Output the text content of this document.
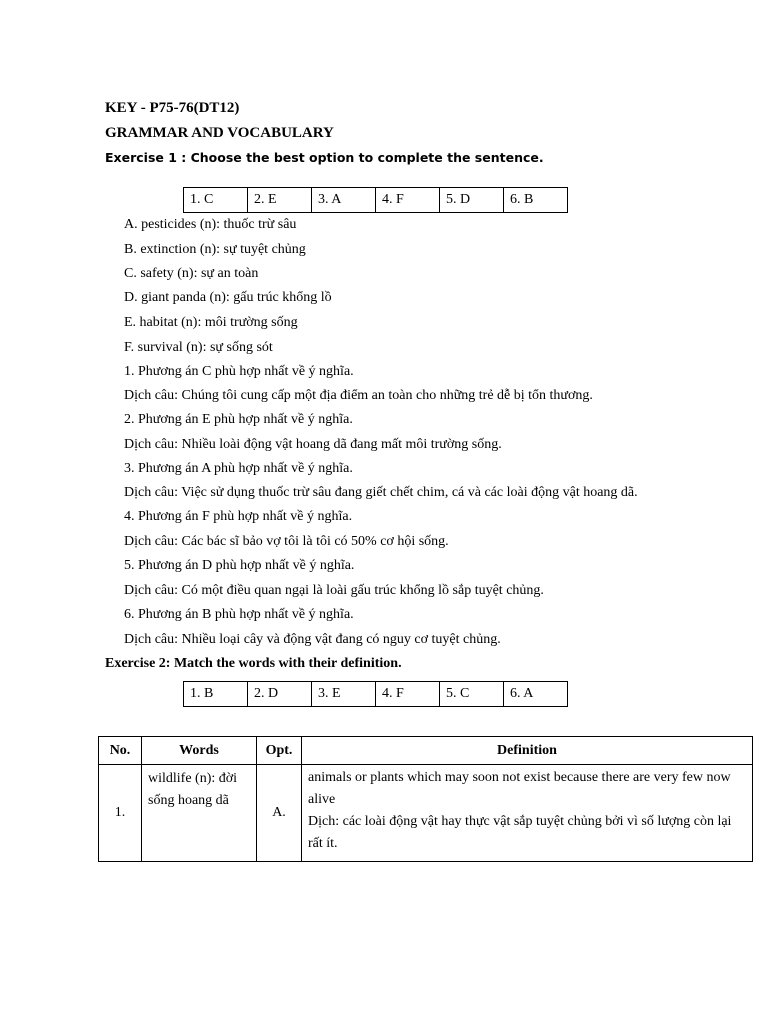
KEY - P75-76(DT12)
GRAMMAR AND VOCABULARY
Exercise 1 : Choose the best option to complete the sentence.
1. C	2. E	3. A	4. F	5. D	6. B
A. pesticides (n): thuốc trừ sâu
B. extinction (n): sự tuyệt chủng
C. safety (n): sự an toàn
D. giant panda (n): gấu trúc khổng lồ
E. habitat (n): môi trường sống
F. survival (n): sự sống sót
1. Phương án C phù hợp nhất về ý nghĩa.
Dịch câu: Chúng tôi cung cấp một địa điểm an toàn cho những trẻ dễ bị tổn thương.
2. Phương án E phù hợp nhất về ý nghĩa.
Dịch câu: Nhiều loài động vật hoang dã đang mất môi trường sống.
3. Phương án A phù hợp nhất về ý nghĩa.
Dịch câu: Việc sử dụng thuốc trừ sâu đang giết chết chim, cá và các loài động vật hoang dã.
4. Phương án F phù hợp nhất về ý nghĩa.
Dịch câu: Các bác sĩ bảo vợ tôi là tôi có 50% cơ hội sống.
5. Phương án D phù hợp nhất về ý nghĩa.
Dịch câu: Có một điều quan ngại là loài gấu trúc khổng lồ sắp tuyệt chủng.
6. Phương án B phù hợp nhất về ý nghĩa.
Dịch câu: Nhiều loại cây và động vật đang có nguy cơ tuyệt chủng.
Exercise 2: Match the words with their definition.
1. B	2. D	3. E	4. F	5. C	6. A
No.	Words	Opt.	Definition
1.	wildlife (n): đời sống hoang dã	A.	animals or plants which may soon not exist because there are very few now alive
Dịch: các loài động vật hay thực vật sắp tuyệt chủng bởi vì số lượng còn lại rất ít.
